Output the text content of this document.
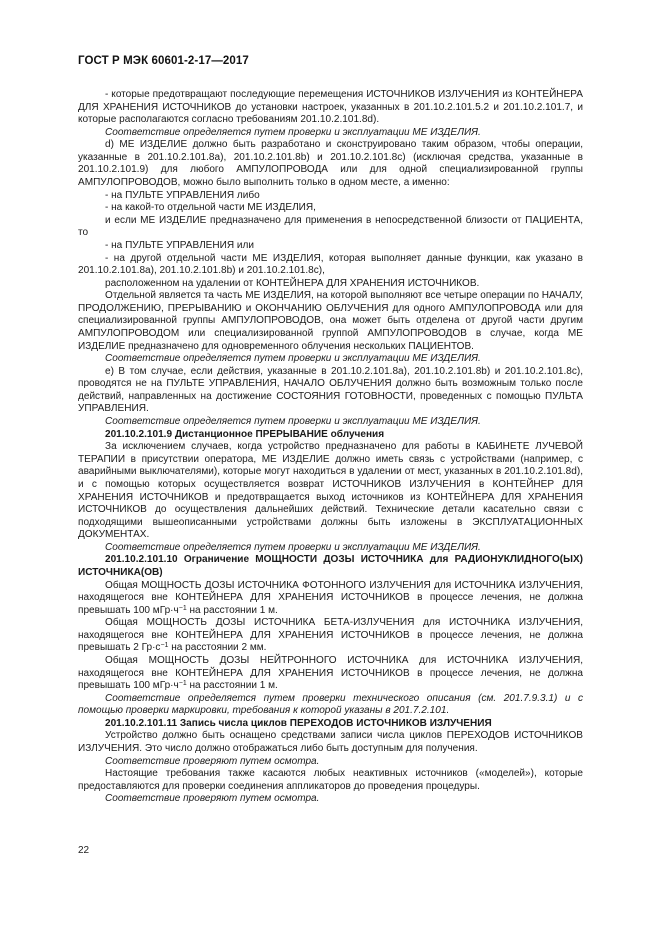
ГОСТ Р МЭК 60601-2-17—2017

- которые предотвращают последующие перемещения ИСТОЧНИКОВ ИЗЛУЧЕНИЯ из КОНТЕЙНЕРА ДЛЯ ХРАНЕНИЯ ИСТОЧНИКОВ до установки настроек, указанных в 201.10.2.101.5.2 и 201.10.2.101.7, и которые располагаются согласно требованиям 201.10.2.101.8d).

Соответствие определяется путем проверки и эксплуатации МЕ ИЗДЕЛИЯ.

d) МЕ ИЗДЕЛИЕ должно быть разработано и сконструировано таким образом, чтобы операции, указанные в 201.10.2.101.8a), 201.10.2.101.8b) и 201.10.2.101.8c) (исключая средства, указанные в 201.10.2.101.9) для любого АМПУЛОПРОВОДА или для одной специализированной группы АМПУЛОПРОВОДОВ, можно было выполнить только в одном месте, а именно:

- на ПУЛЬТЕ УПРАВЛЕНИЯ либо

- на какой-то отдельной части МЕ ИЗДЕЛИЯ,

и если МЕ ИЗДЕЛИЕ предназначено для применения в непосредственной близости от ПАЦИЕНТА, то

- на ПУЛЬТЕ УПРАВЛЕНИЯ или

- на другой отдельной части МЕ ИЗДЕЛИЯ, которая выполняет данные функции, как указано в 201.10.2.101.8a), 201.10.2.101.8b) и 201.10.2.101.8c),

расположенном на удалении от КОНТЕЙНЕРА ДЛЯ ХРАНЕНИЯ ИСТОЧНИКОВ.

Отдельной является та часть МЕ ИЗДЕЛИЯ, на которой выполняют все четыре операции по НАЧАЛУ, ПРОДОЛЖЕНИЮ, ПРЕРЫВАНИЮ и ОКОНЧАНИЮ ОБЛУЧЕНИЯ для одного АМПУЛОПРОВОДА или для специализированной группы АМПУЛОПРОВОДОВ, она может быть отделена от другой части другим АМПУЛОПРОВОДОМ или специализированной группой АМПУЛОПРОВОДОВ в случае, когда МЕ ИЗДЕЛИЕ предназначено для одновременного облучения нескольких ПАЦИЕНТОВ.

Соответствие определяется путем проверки и эксплуатации МЕ ИЗДЕЛИЯ.

е) В том случае, если действия, указанные в 201.10.2.101.8a), 201.10.2.101.8b) и 201.10.2.101.8c), проводятся не на ПУЛЬТЕ УПРАВЛЕНИЯ, НАЧАЛО ОБЛУЧЕНИЯ должно быть возможным только после действий, направленных на достижение СОСТОЯНИЯ ГОТОВНОСТИ, проведенных с помощью ПУЛЬТА УПРАВЛЕНИЯ.

Соответствие определяется путем проверки и эксплуатации МЕ ИЗДЕЛИЯ.

201.10.2.101.9 Дистанционное ПРЕРЫВАНИЕ облучения

За исключением случаев, когда устройство предназначено для работы в КАБИНЕТЕ ЛУЧЕВОЙ ТЕРАПИИ в присутствии оператора, МЕ ИЗДЕЛИЕ должно иметь связь с устройствами (например, с аварийными выключателями), которые могут находиться в удалении от мест, указанных в 201.10.2.101.8d), и с помощью которых осуществляется возврат ИСТОЧНИКОВ ИЗЛУЧЕНИЯ в КОНТЕЙНЕР ДЛЯ ХРАНЕНИЯ ИСТОЧНИКОВ и предотвращается выход источников из КОНТЕЙНЕРА ДЛЯ ХРАНЕНИЯ ИСТОЧНИКОВ до осуществления дальнейших действий. Технические детали касательно связи с подходящими вышеописанными устройствами должны быть изложены в ЭКСПЛУАТАЦИОННЫХ ДОКУМЕНТАХ.

Соответствие определяется путем проверки и эксплуатации МЕ ИЗДЕЛИЯ.

201.10.2.101.10 Ограничение МОЩНОСТИ ДОЗЫ ИСТОЧНИКА для РАДИОНУКЛИДНОГО(ЫХ) ИСТОЧНИКА(ОВ)

Общая МОЩНОСТЬ ДОЗЫ ИСТОЧНИКА ФОТОННОГО ИЗЛУЧЕНИЯ для ИСТОЧНИКА ИЗЛУЧЕНИЯ, находящегося вне КОНТЕЙНЕРА ДЛЯ ХРАНЕНИЯ ИСТОЧНИКОВ в процессе лечения, не должна превышать 100 $мГр\cdot ч^{-1}$ на расстоянии 1 м.

Общая МОЩНОСТЬ ДОЗЫ ИСТОЧНИКА БЕТА-ИЗЛУЧЕНИЯ для ИСТОЧНИКА ИЗЛУЧЕНИЯ, находящегося вне КОНТЕЙНЕРА ДЛЯ ХРАНЕНИЯ ИСТОЧНИКОВ в процессе лечения, не должна превышать 2 $Гр\cdot с^{-1}$ на расстоянии 2 мм.

Общая МОЩНОСТЬ ДОЗЫ НЕЙТРОННОГО ИСТОЧНИКА для ИСТОЧНИКА ИЗЛУЧЕНИЯ, находящегося вне КОНТЕЙНЕРА ДЛЯ ХРАНЕНИЯ ИСТОЧНИКОВ в процессе лечения, не должна превышать 100 $мГр\cdot ч^{-1}$ на расстоянии 1 м.

Соответствие определяется путем проверки технического описания (см. 201.7.9.3.1) и с помощью проверки маркировки, требования к которой указаны в 201.7.2.101.

201.10.2.101.11 Запись числа циклов ПЕРЕХОДОВ ИСТОЧНИКОВ ИЗЛУЧЕНИЯ

Устройство должно быть оснащено средствами записи числа циклов ПЕРЕХОДОВ ИСТОЧНИКОВ ИЗЛУЧЕНИЯ. Это число должно отображаться либо быть доступным для получения.

Соответствие проверяют путем осмотра.

Настоящие требования также касаются любых неактивных источников («моделей»), которые предоставляются для проверки соединения аппликаторов до проведения процедуры.

Соответствие проверяют путем осмотра.

22
